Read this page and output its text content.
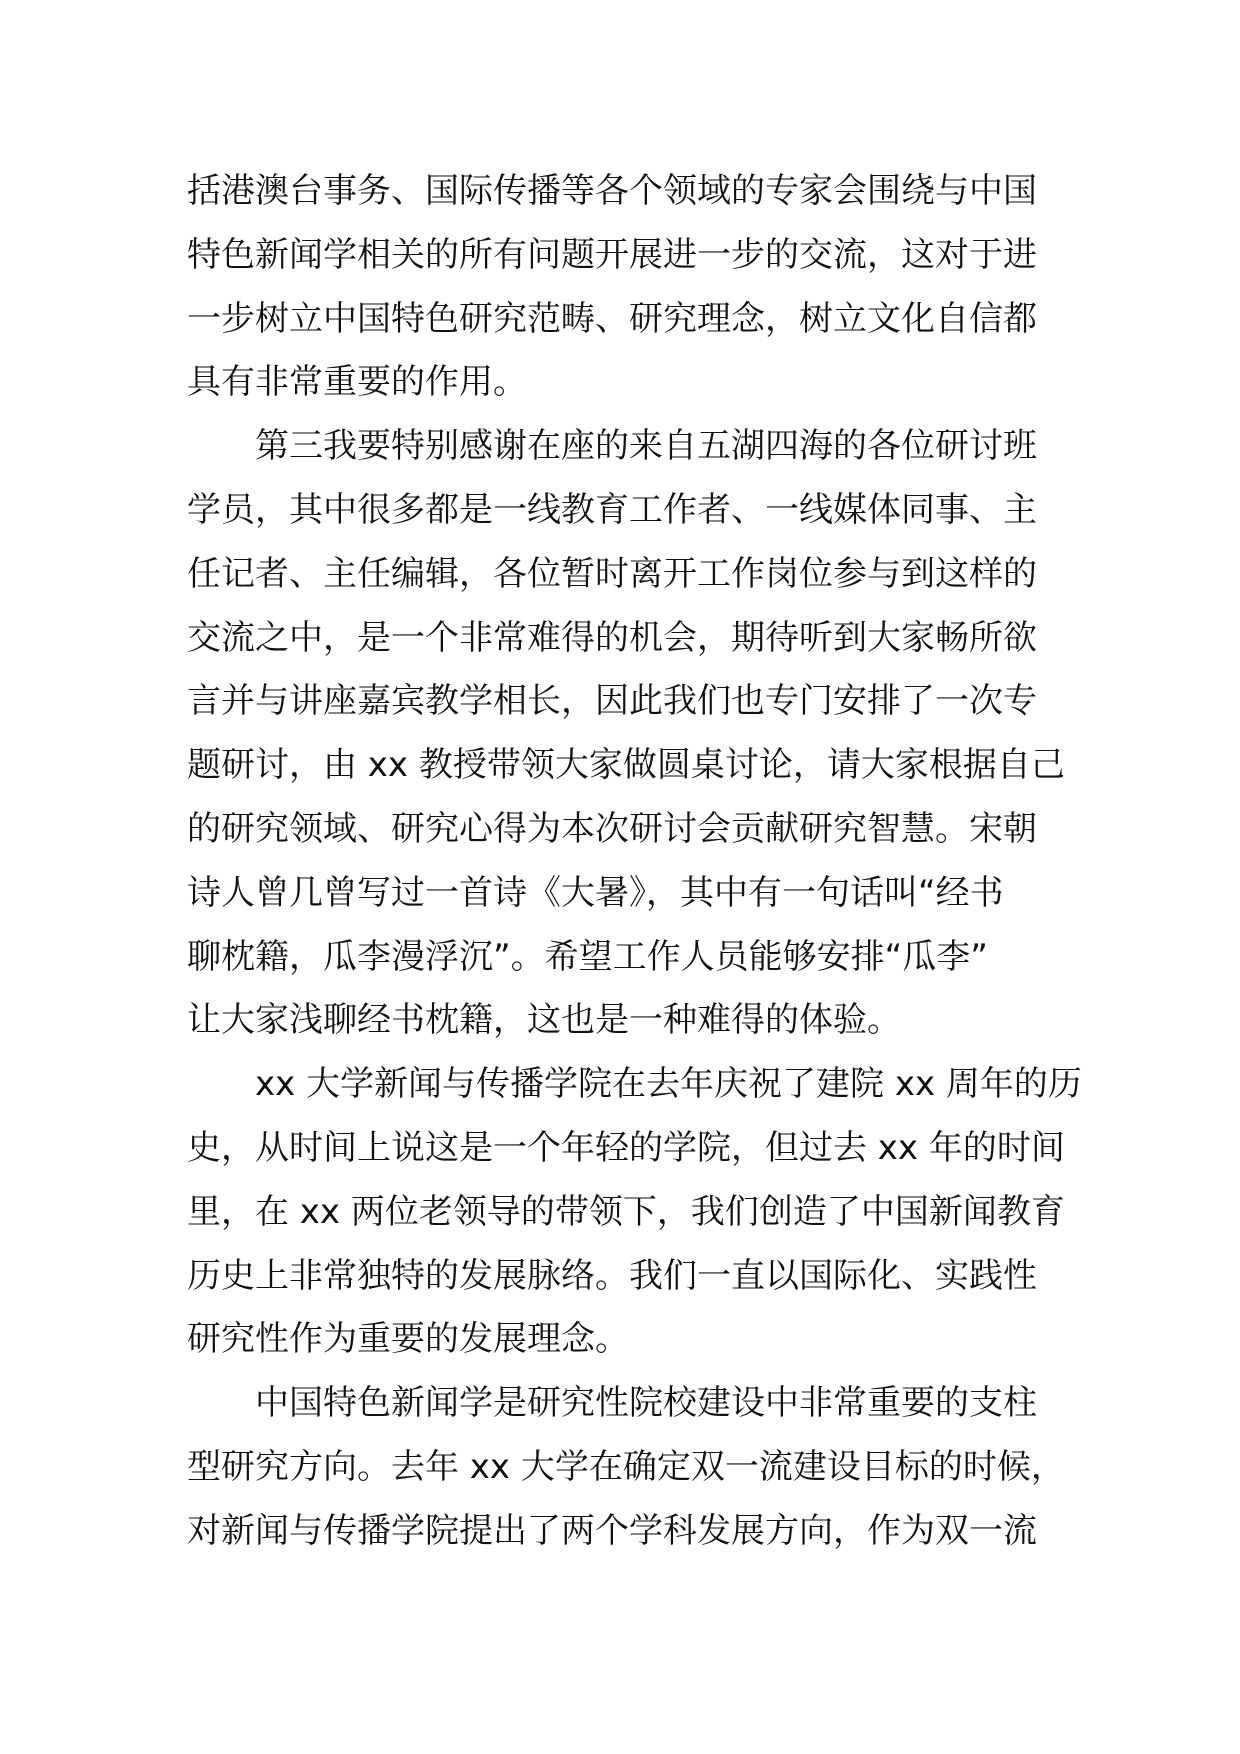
括港澳台事务、国际传播等各个领域的专家会围绕与中国
特色新闻学相关的所有问题开展进一步的交流，这对于进
一步树立中国特色研究范畴、研究理念，树立文化自信都
具有非常重要的作用。
第三我要特别感谢在座的来自五湖四海的各位研讨班
学员，其中很多都是一线教育工作者、一线媒体同事、主
任记者、主任编辑，各位暂时离开工作岗位参与到这样的
交流之中，是一个非常难得的机会，期待听到大家畅所欲
言并与讲座嘉宾教学相长，因此我们也专门安排了一次专
题研讨，由 xx 教授带领大家做圆桌讨论，请大家根据自己
的研究领域、研究心得为本次研讨会贡献研究智慧。宋朝
诗人曾几曾写过一首诗《大暑》，其中有一句话叫“经书
聊枕籍，瓜李漫浮沉”。希望工作人员能够安排“瓜李”
让大家浅聊经书枕籍，这也是一种难得的体验。
xx 大学新闻与传播学院在去年庆祝了建院 xx 周年的历
史，从时间上说这是一个年轻的学院，但过去 xx 年的时间
里，在 xx 两位老领导的带领下，我们创造了中国新闻教育
历史上非常独特的发展脉络。我们一直以国际化、实践性
研究性作为重要的发展理念。
中国特色新闻学是研究性院校建设中非常重要的支柱
型研究方向。去年 xx 大学在确定双一流建设目标的时候，
对新闻与传播学院提出了两个学科发展方向，作为双一流
